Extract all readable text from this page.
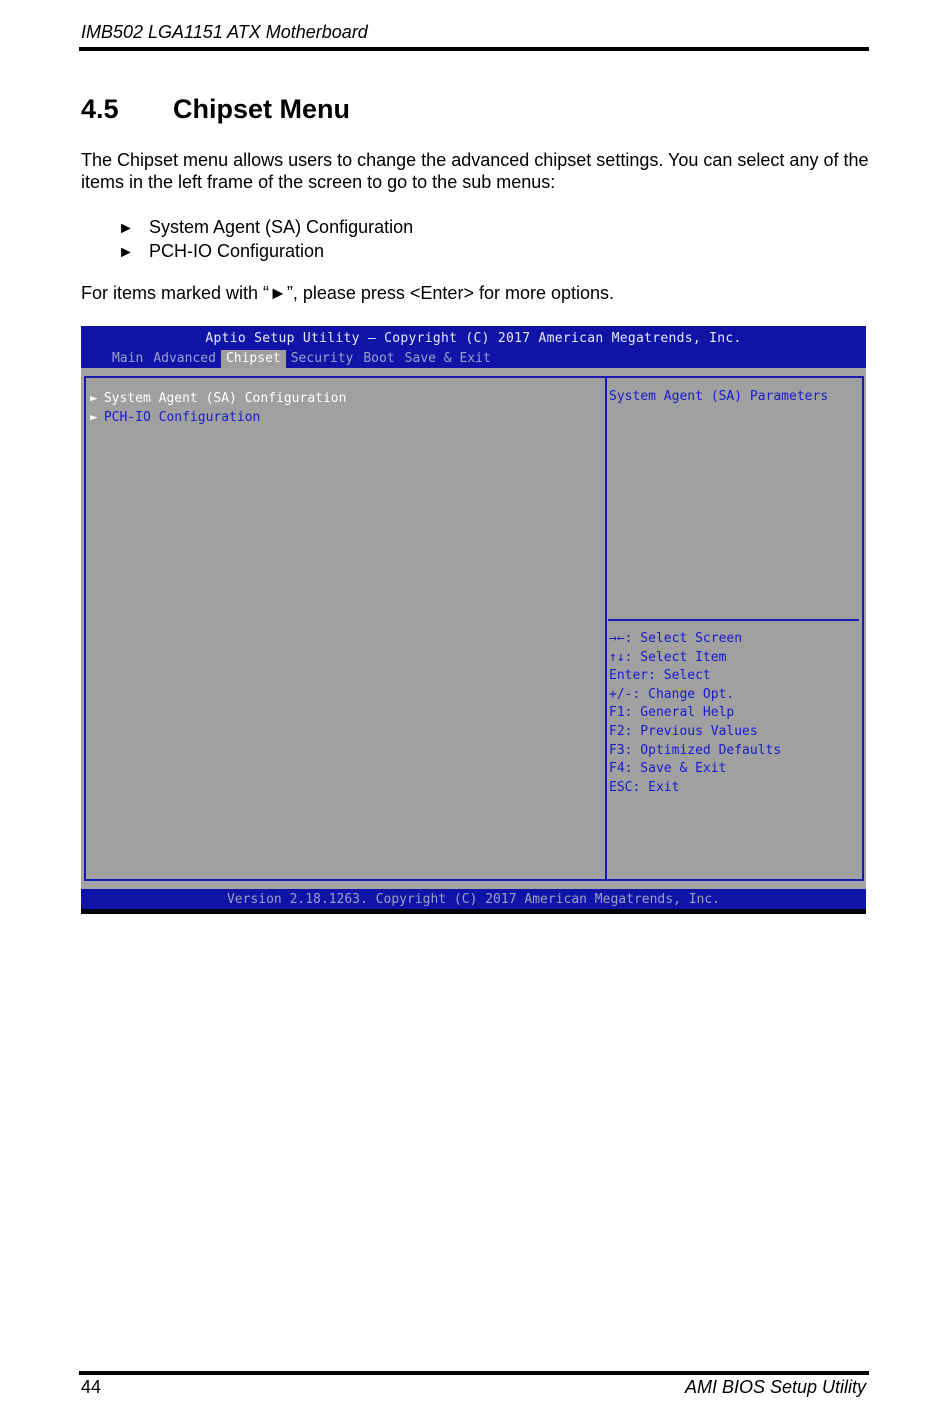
IMB502 LGA1151 ATX Motherboard
4.5 Chipset Menu
The Chipset menu allows users to change the advanced chipset settings. You can select any of the items in the left frame of the screen to go to the sub menus:
► System Agent (SA) Configuration
► PCH-IO Configuration
For items marked with “►”, please press <Enter> for more options.
Aptio Setup Utility – Copyright (C) 2017 American Megatrends, Inc.
Main Advanced Chipset Security Boot Save & Exit
► System Agent (SA) Configuration
► PCH-IO Configuration
System Agent (SA) Parameters
→←: Select Screen
↑↓: Select Item
Enter: Select
+/-: Change Opt.
F1: General Help
F2: Previous Values
F3: Optimized Defaults
F4: Save & Exit
ESC: Exit
Version 2.18.1263. Copyright (C) 2017 American Megatrends, Inc.
44	AMI BIOS Setup Utility
